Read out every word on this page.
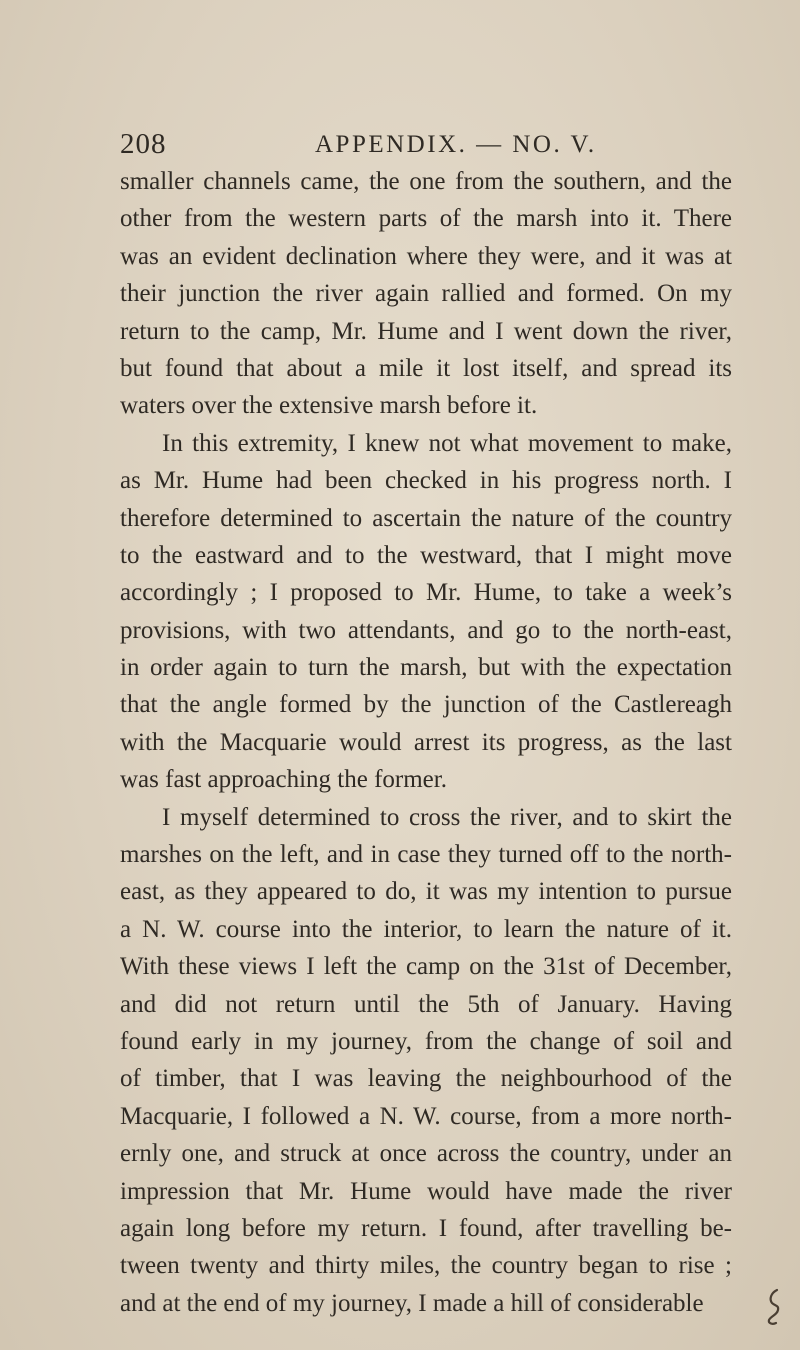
208	APPENDIX. — NO. V.
smaller channels came, the one from the southern, and the
other from the western parts of the marsh into it. There
was an evident declination where they were, and it was at
their junction the river again rallied and formed. On my
return to the camp, Mr. Hume and I went down the river,
but found that about a mile it lost itself, and spread its
waters over the extensive marsh before it.
In this extremity, I knew not what movement to make,
as Mr. Hume had been checked in his progress north. I
therefore determined to ascertain the nature of the country
to the eastward and to the westward, that I might move
accordingly ; I proposed to Mr. Hume, to take a week’s
provisions, with two attendants, and go to the north-east,
in order again to turn the marsh, but with the expectation
that the angle formed by the junction of the Castlereagh
with the Macquarie would arrest its progress, as the last
was fast approaching the former.
I myself determined to cross the river, and to skirt the
marshes on the left, and in case they turned off to the north-
east, as they appeared to do, it was my intention to pursue
a N. W. course into the interior, to learn the nature of it.
With these views I left the camp on the 31st of December,
and did not return until the 5th of January. Having
found early in my journey, from the change of soil and
of timber, that I was leaving the neighbourhood of the
Macquarie, I followed a N. W. course, from a more north-
ernly one, and struck at once across the country, under an
impression that Mr. Hume would have made the river
again long before my return. I found, after travelling be-
tween twenty and thirty miles, the country began to rise ;
and at the end of my journey, I made a hill of considerable
